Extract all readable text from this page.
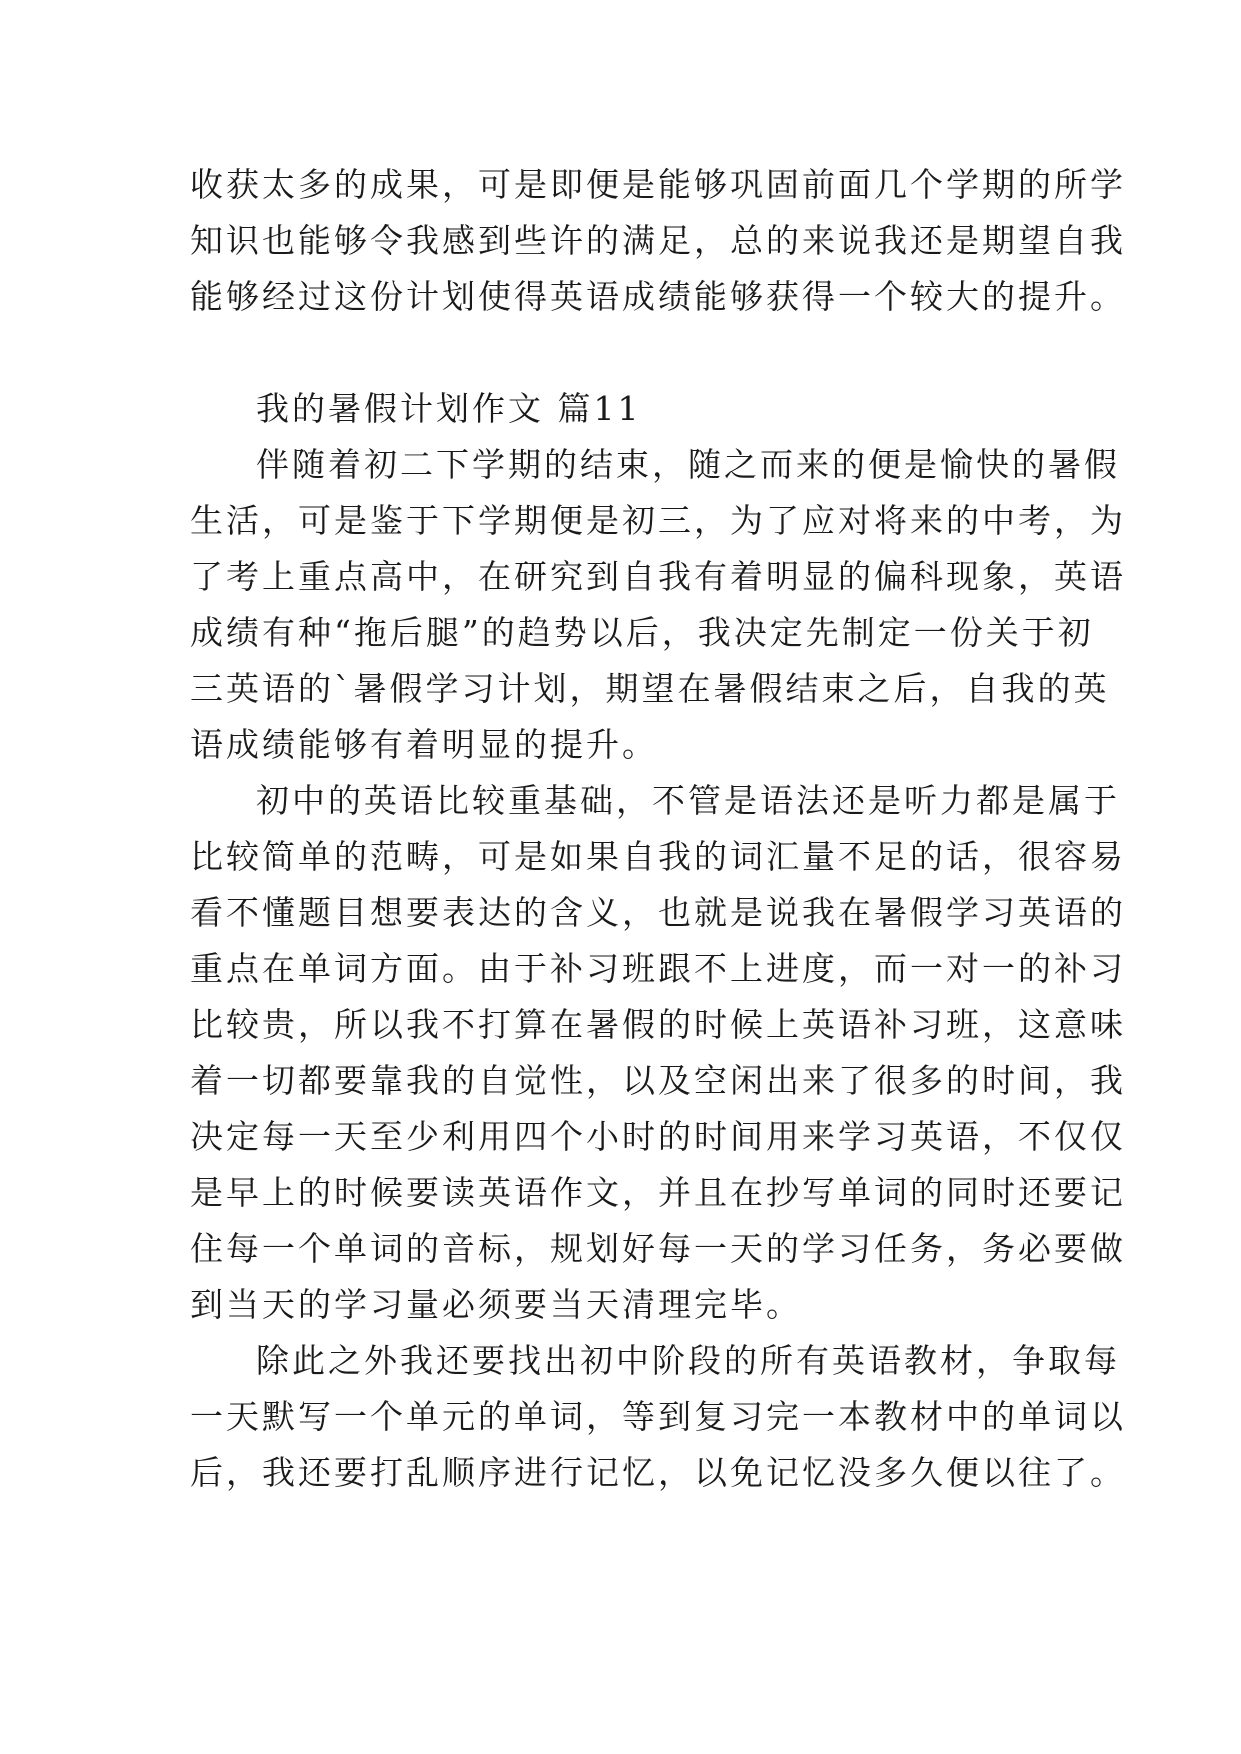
收获太多的成果，可是即便是能够巩固前面几个学期的所学
知识也能够令我感到些许的满足，总的来说我还是期望自我
能够经过这份计划使得英语成绩能够获得一个较大的提升。
我的暑假计划作文 篇11
伴随着初二下学期的结束，随之而来的便是愉快的暑假
生活，可是鉴于下学期便是初三，为了应对将来的中考，为
了考上重点高中，在研究到自我有着明显的偏科现象，英语
成绩有种“拖后腿”的趋势以后，我决定先制定一份关于初
三英语的`暑假学习计划，期望在暑假结束之后，自我的英
语成绩能够有着明显的提升。
初中的英语比较重基础，不管是语法还是听力都是属于
比较简单的范畴，可是如果自我的词汇量不足的话，很容易
看不懂题目想要表达的含义，也就是说我在暑假学习英语的
重点在单词方面。由于补习班跟不上进度，而一对一的补习
比较贵，所以我不打算在暑假的时候上英语补习班，这意味
着一切都要靠我的自觉性，以及空闲出来了很多的时间，我
决定每一天至少利用四个小时的时间用来学习英语，不仅仅
是早上的时候要读英语作文，并且在抄写单词的同时还要记
住每一个单词的音标，规划好每一天的学习任务，务必要做
到当天的学习量必须要当天清理完毕。
除此之外我还要找出初中阶段的所有英语教材，争取每
一天默写一个单元的单词，等到复习完一本教材中的单词以
后，我还要打乱顺序进行记忆，以免记忆没多久便以往了。
